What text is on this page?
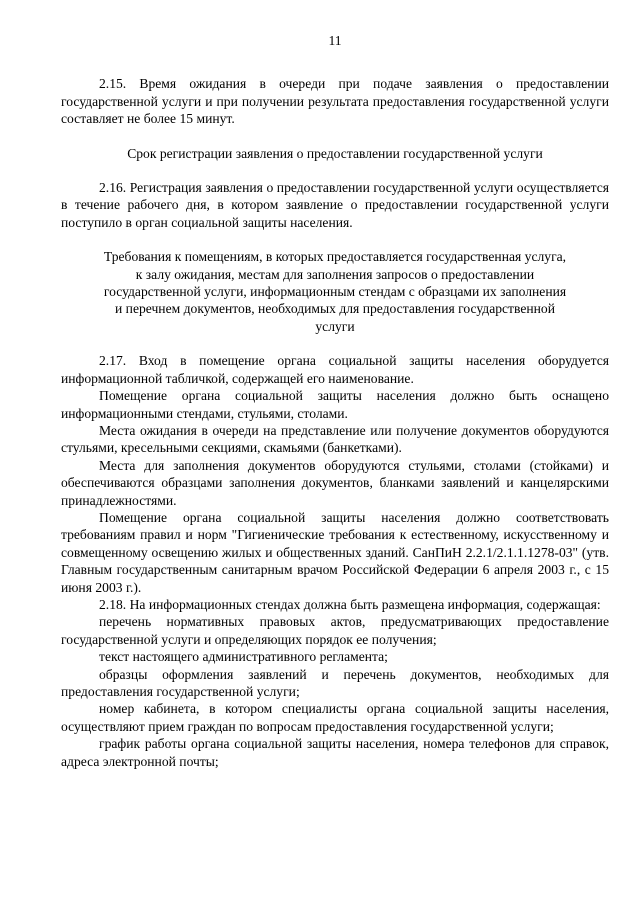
11

2.15. Время ожидания в очереди при подаче заявления о предоставлении государственной услуги и при получении результата предоставления государственной услуги составляет не более 15 минут.

Срок регистрации заявления о предоставлении государственной услуги

2.16. Регистрация заявления о предоставлении государственной услуги осуществляется в течение рабочего дня, в котором заявление о предоставлении государственной услуги поступило в орган социальной защиты населения.

Требования к помещениям, в которых предоставляется государственная услуга, к залу ожидания, местам для заполнения запросов о предоставлении государственной услуги, информационным стендам с образцами их заполнения и перечнем документов, необходимых для предоставления государственной услуги

2.17. Вход в помещение органа социальной защиты населения оборудуется информационной табличкой, содержащей его наименование.

Помещение органа социальной защиты населения должно быть оснащено информационными стендами, стульями, столами.

Места ожидания в очереди на представление или получение документов оборудуются стульями, кресельными секциями, скамьями (банкетками).

Места для заполнения документов оборудуются стульями, столами (стойками) и обеспечиваются образцами заполнения документов, бланками заявлений и канцелярскими принадлежностями.

Помещение органа социальной защиты населения должно соответствовать требованиям правил и норм "Гигиенические требования к естественному, искусственному и совмещенному освещению жилых и общественных зданий. СанПиН 2.2.1/2.1.1.1278-03" (утв. Главным государственным санитарным врачом Российской Федерации 6 апреля 2003 г., с 15 июня 2003 г.).

2.18. На информационных стендах должна быть размещена информация, содержащая:

перечень нормативных правовых актов, предусматривающих предоставление государственной услуги и определяющих порядок ее получения;

текст настоящего административного регламента;

образцы оформления заявлений и перечень документов, необходимых для предоставления государственной услуги;

номер кабинета, в котором специалисты органа социальной защиты населения, осуществляют прием граждан по вопросам предоставления государственной услуги;

график работы органа социальной защиты населения, номера телефонов для справок, адреса электронной почты;
